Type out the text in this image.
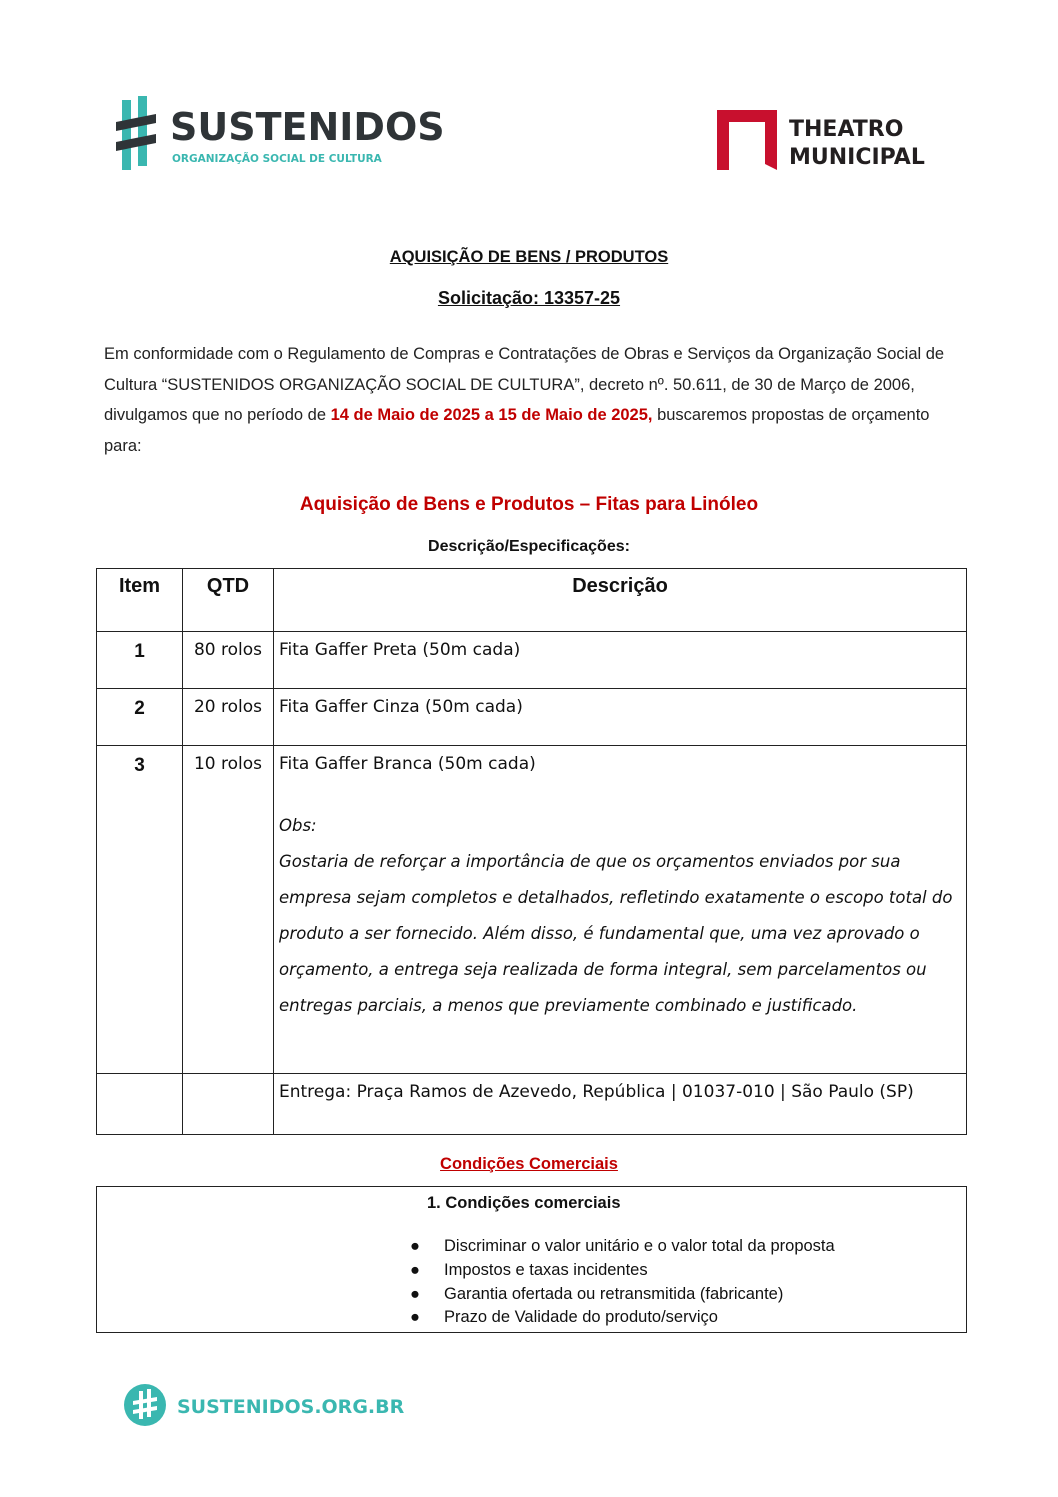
SUSTENIDOS
ORGANIZAÇÃO SOCIAL DE CULTURA
THEATRO
MUNICIPAL
AQUISIÇÃO DE BENS / PRODUTOS
Solicitação: 13357-25
Em conformidade com o Regulamento de Compras e Contratações de Obras e Serviços da Organização Social de Cultura “SUSTENIDOS ORGANIZAÇÃO SOCIAL DE CULTURA”, decreto nº. 50.611, de 30 de Março de 2006, divulgamos que no período de 14 de Maio de 2025 a 15 de Maio de 2025, buscaremos propostas de orçamento para:
Aquisição de Bens e Produtos – Fitas para Linóleo
Descrição/Especificações:
Item	QTD	Descrição
1	80 rolos	Fita Gaffer Preta (50m cada)
2	20 rolos	Fita Gaffer Cinza (50m cada)
3	10 rolos	Fita Gaffer Branca (50m cada)
Obs:
Gostaria de reforçar a importância de que os orçamentos enviados por sua empresa sejam completos e detalhados, refletindo exatamente o escopo total do produto a ser fornecido. Além disso, é fundamental que, uma vez aprovado o orçamento, a entrega seja realizada de forma integral, sem parcelamentos ou entregas parciais, a menos que previamente combinado e justificado.

		Entrega: Praça Ramos de Azevedo, República | 01037-010 | São Paulo (SP)
Condições Comerciais
1. Condições comerciais
● Discriminar o valor unitário e o valor total da proposta
● Impostos e taxas incidentes
● Garantia ofertada ou retransmitida (fabricante)
● Prazo de Validade do produto/serviço
SUSTENIDOS.ORG.BR
